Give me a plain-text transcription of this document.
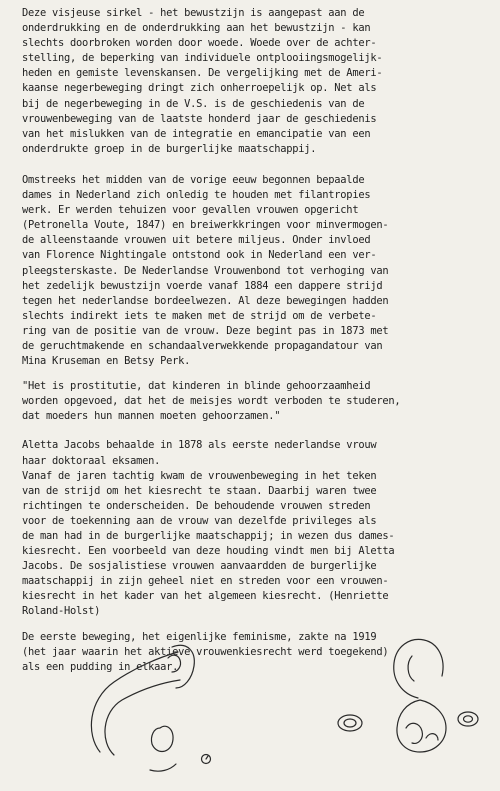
Deze visjeuse sirkel - het bewustzijn is aangepast aan de
onderdrukking en de onderdrukking aan het bewustzijn - kan
slechts doorbroken worden door woede. Woede over de achter-
stelling, de beperking van individuele ontplooiingsmogelijk-
heden en gemiste levenskansen. De vergelijking met de Ameri-
kaanse negerbeweging dringt zich onherroepelijk op. Net als
bij de negerbeweging in de V.S. is de geschiedenis van de
vrouwenbeweging van de laatste honderd jaar de geschiedenis
van het mislukken van de integratie en emancipatie van een
onderdrukte groep in de burgerlijke maatschappij.
Omstreeks het midden van de vorige eeuw begonnen bepaalde
dames in Nederland zich onledig te houden met filantropies
werk. Er werden tehuizen voor gevallen vrouwen opgericht
(Petronella Voute, 1847) en breiwerkkringen voor minvermogen-
de alleenstaande vrouwen uit betere miljeus. Onder invloed
van Florence Nightingale ontstond ook in Nederland een ver-
pleegsterskaste. De Nederlandse Vrouwenbond tot verhoging van
het zedelijk bewustzijn voerde vanaf 1884 een dappere strijd
tegen het nederlandse bordeelwezen. Al deze bewegingen hadden
slechts indirekt iets te maken met de strijd om de verbete-
ring van de positie van de vrouw. Deze begint pas in 1873 met
de geruchtmakende en schandaalverwekkende propagandatour van
Mina Kruseman en Betsy Perk.
"Het is prostitutie, dat kinderen in blinde gehoorzaamheid
worden opgevoed, dat het de meisjes wordt verboden te studeren,
dat moeders hun mannen moeten gehoorzamen."
Aletta Jacobs behaalde in 1878 als eerste nederlandse vrouw
haar doktoraal eksamen.
Vanaf de jaren tachtig kwam de vrouwenbeweging in het teken
van de strijd om het kiesrecht te staan. Daarbij waren twee
richtingen te onderscheiden. De behoudende vrouwen streden
voor de toekenning aan de vrouw van dezelfde privileges als
de man had in de burgerlijke maatschappij; in wezen dus dames-
kiesrecht. Een voorbeeld van deze houding vindt men bij Aletta
Jacobs. De sosjalistiese vrouwen aanvaardden de burgerlijke
maatschappij in zijn geheel niet en streden voor een vrouwen-
kiesrecht in het kader van het algemeen kiesrecht. (Henriette
Roland-Holst)
De eerste beweging, het eigenlijke feminisme, zakte na 1919
(het jaar waarin het aktieve vrouwenkiesrecht werd toegekend)
als een pudding in elkaar.
